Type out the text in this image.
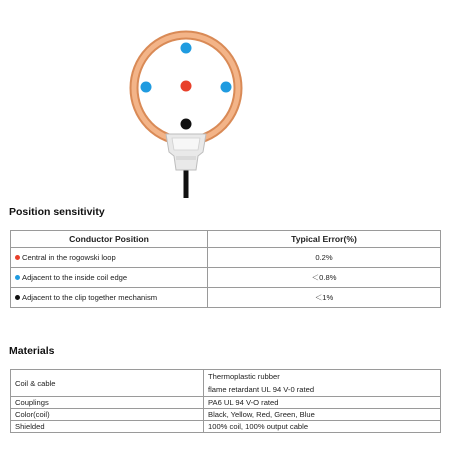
Position sensitivity
Conductor Position	Typical Error(%)
Central in the rogowski loop	0.2%
Adjacent to the inside coil edge	＜0.8%
Adjacent to the clip together mechanism	＜1%
Materials
Coil & cable	Thermoplastic rubber
flame retardant UL 94 V-0 rated

Couplings	PA6 UL 94 V-O rated
Color(coil)	Black, Yellow, Red, Green, Blue
Shielded	100% coil, 100% output cable
